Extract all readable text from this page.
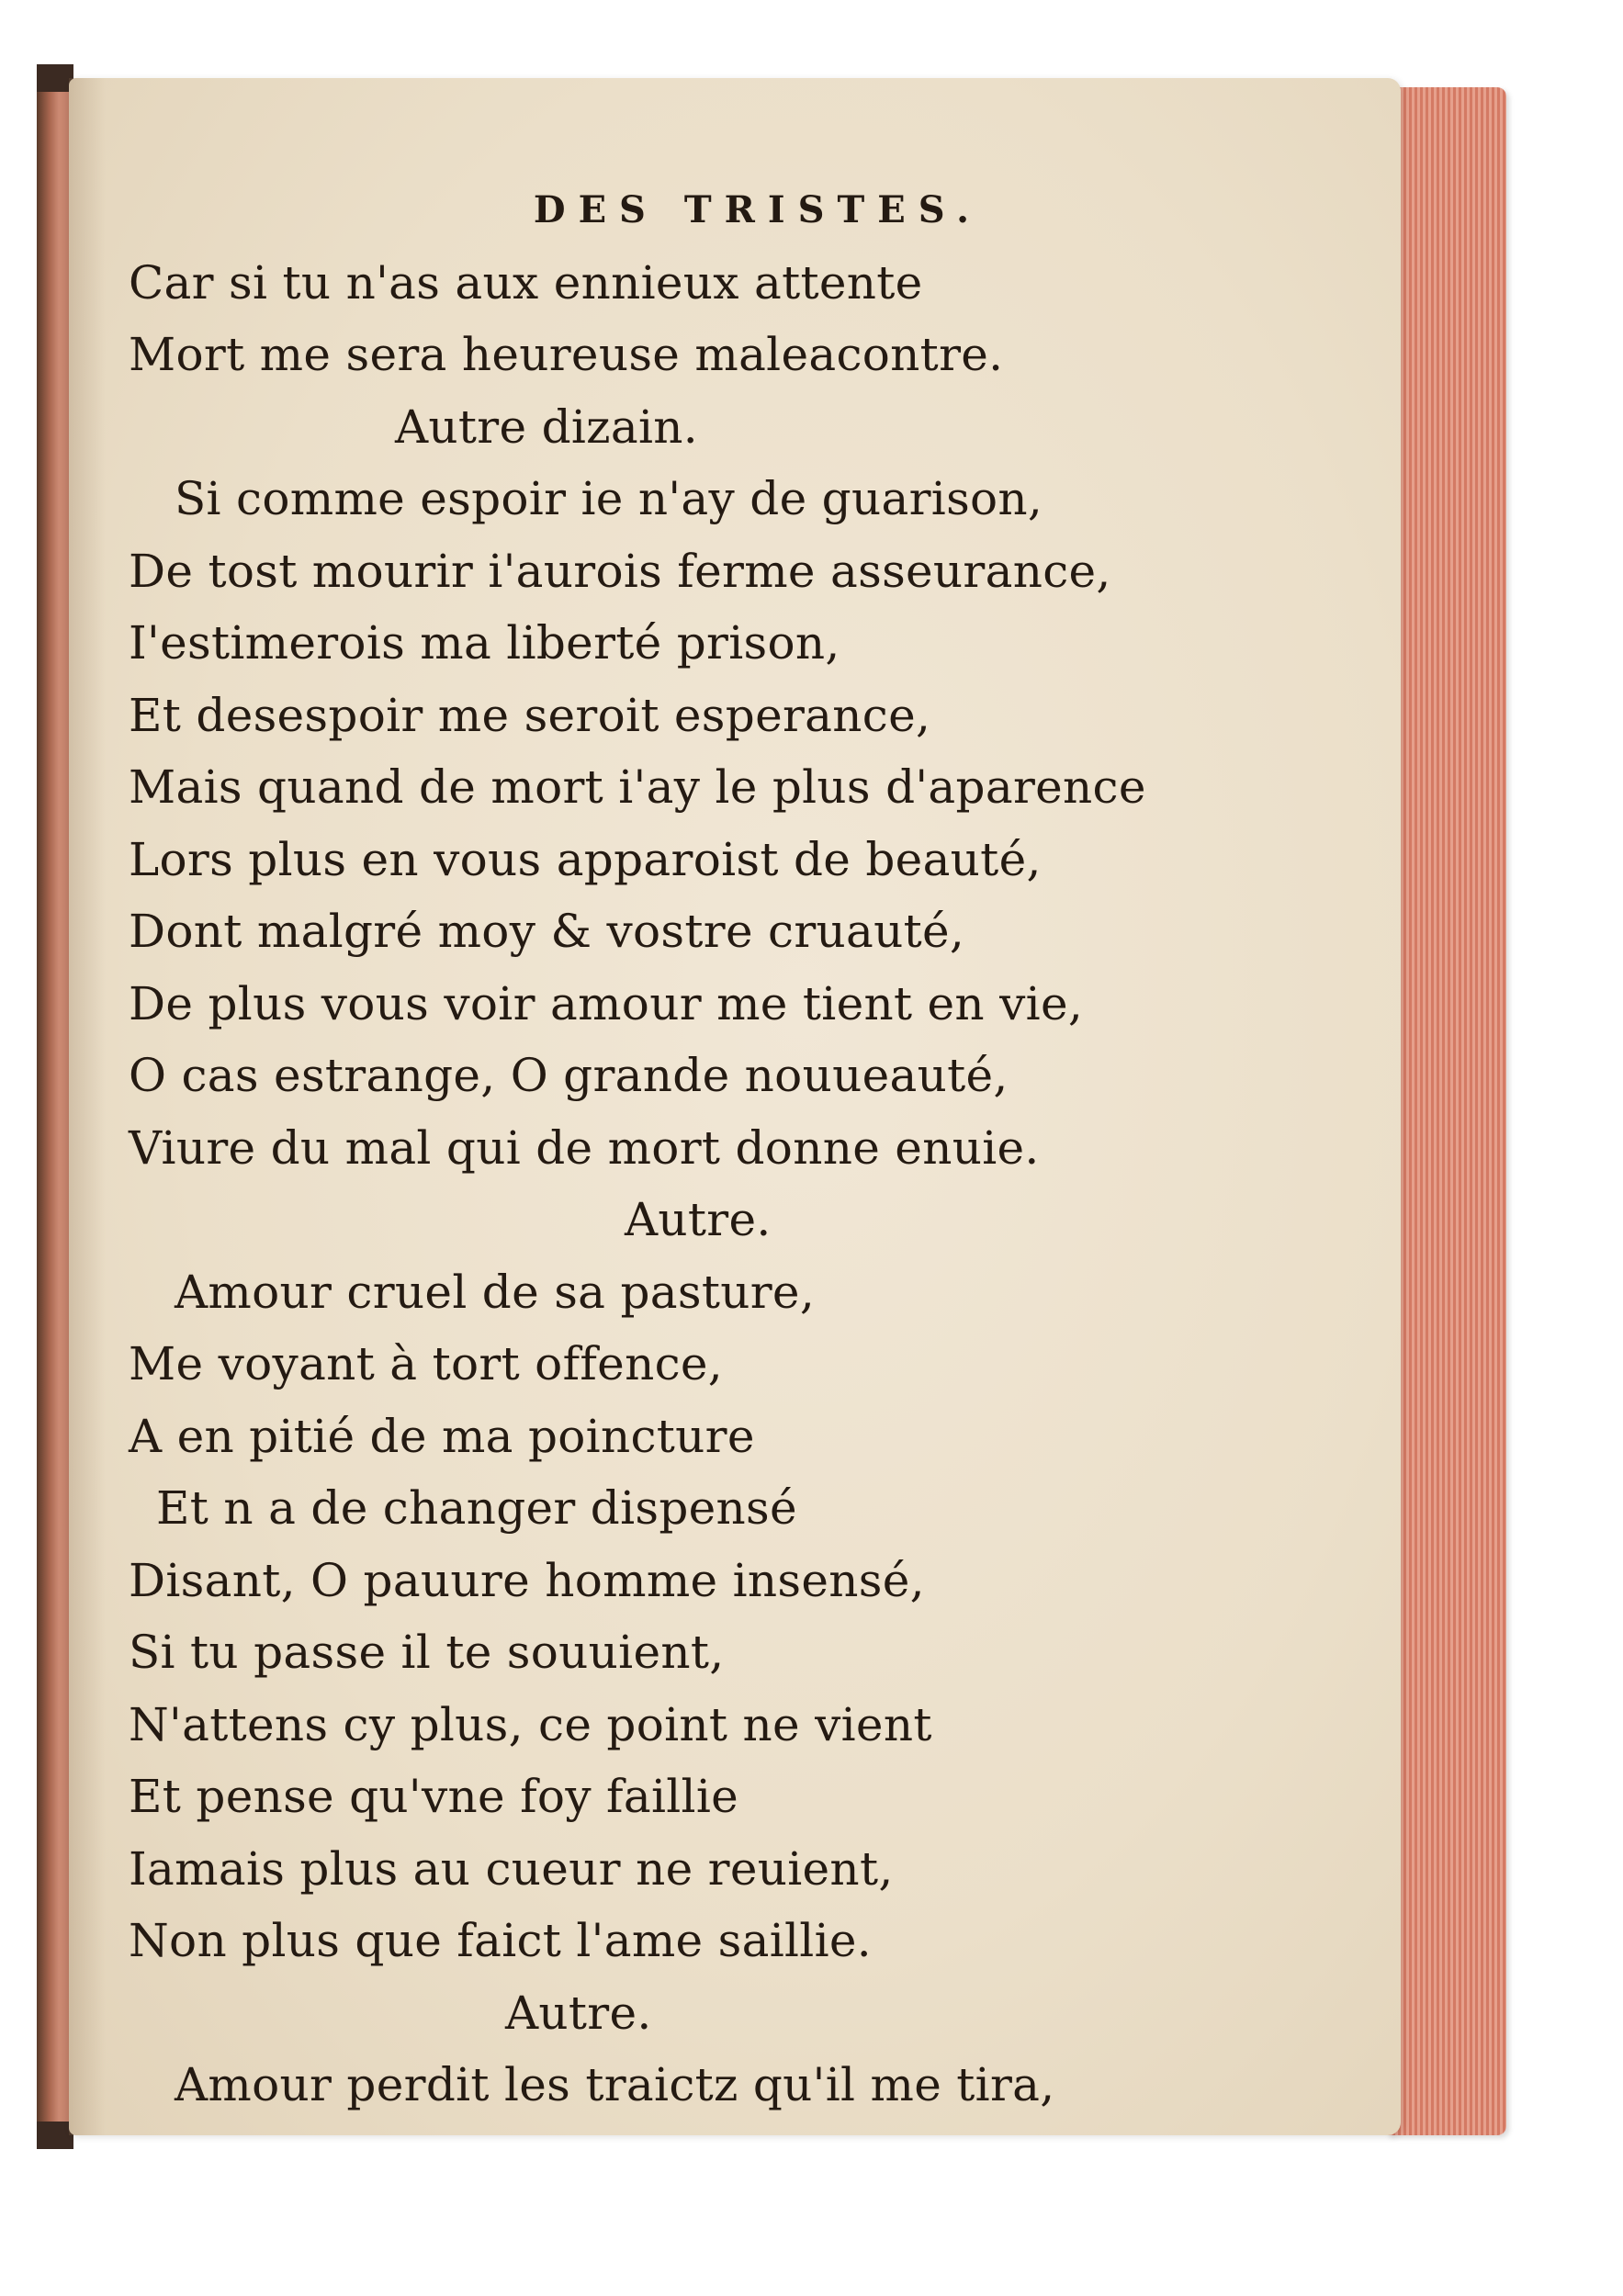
DES TRISTES.
Car si tu n'as aux ennieux attente
Mort me sera heureuse maleacontre.
Autre dizain.
Si comme espoir ie n'ay de guarison,
De tost mourir i'aurois ferme asseurance,
I'estimerois ma liberté prison,
Et desespoir me seroit esperance,
Mais quand de mort i'ay le plus d'aparence
Lors plus en vous apparoist de beauté,
Dont malgré moy & vostre cruauté,
De plus vous voir amour me tient en vie,
O cas estrange, O grande nouueauté,
Viure du mal qui de mort donne enuie.
Autre.
Amour cruel de sa pasture,
Me voyant à tort offence,
A en pitié de ma poincture
Et n a de changer dispensé
Disant, O pauure homme insensé,
Si tu passe il te souuient,
N'attens cy plus, ce point ne vient
Et pense qu'vne foy faillie
Iamais plus au cueur ne reuient,
Non plus que faict l'ame saillie.
Autre.
Amour perdit les traictz qu'il me tira,
